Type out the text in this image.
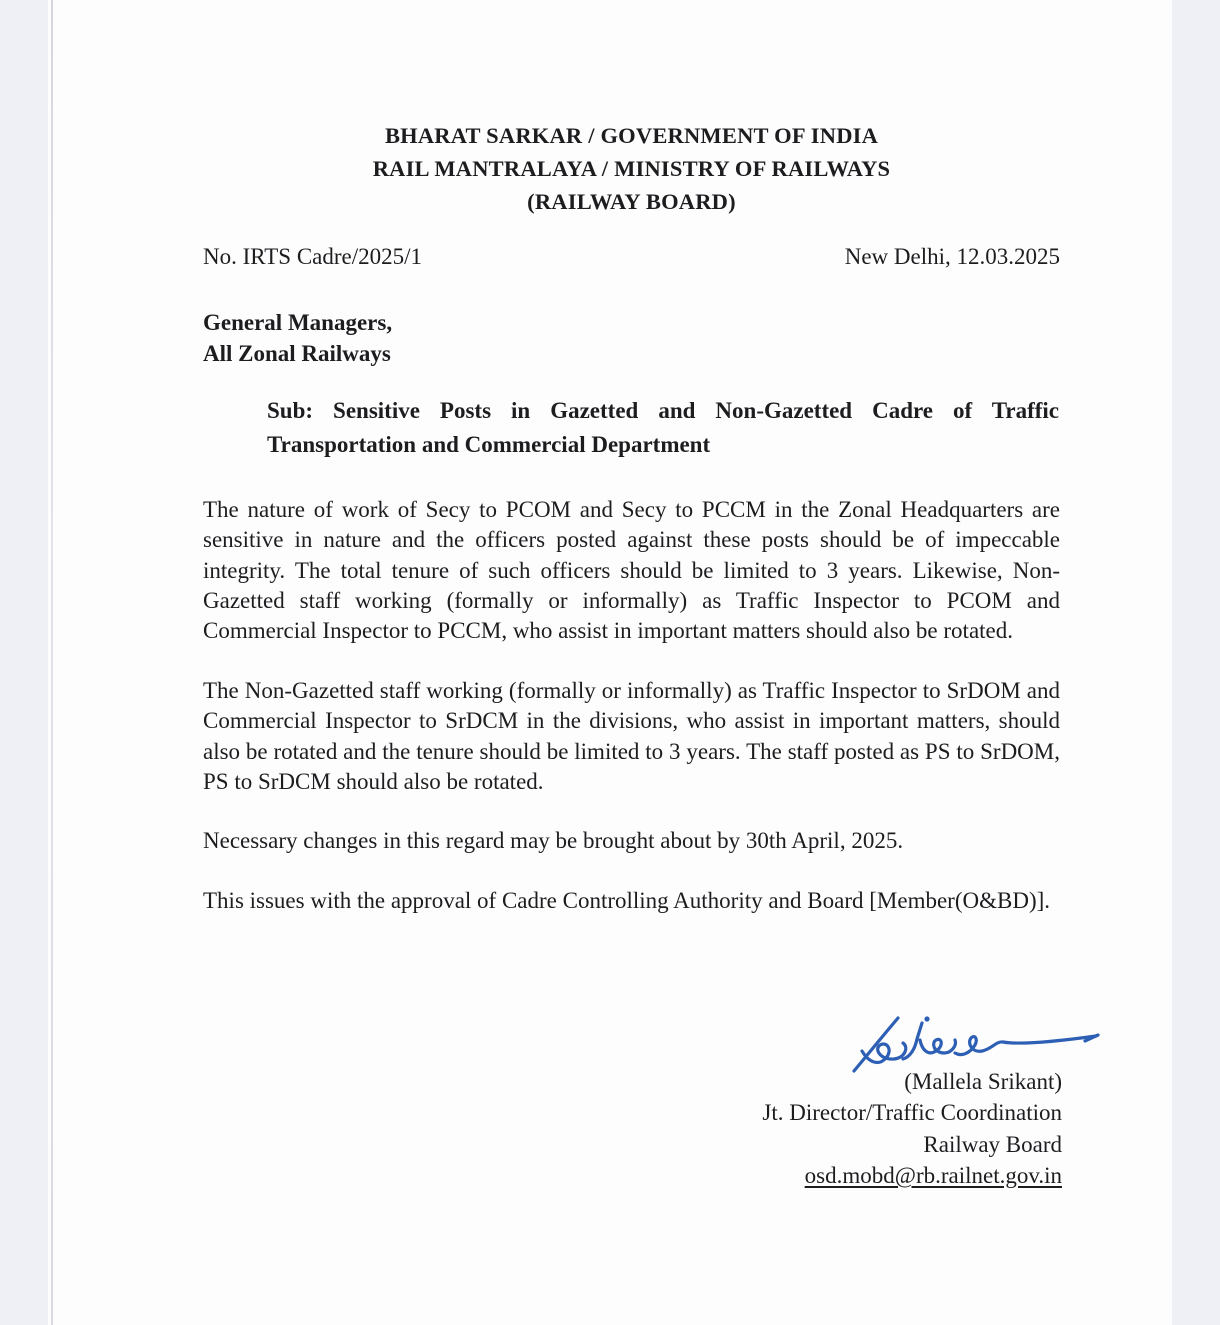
BHARAT SARKAR / GOVERNMENT OF INDIA
RAIL MANTRALAYA / MINISTRY OF RAILWAYS
(RAILWAY BOARD)
No. IRTS Cadre/2025/1	New Delhi, 12.03.2025
General Managers,
All Zonal Railways
Sub: Sensitive Posts in Gazetted and Non-Gazetted Cadre of Traffic
Transportation and Commercial Department
The nature of work of Secy to PCOM and Secy to PCCM in the Zonal Headquarters are sensitive in nature and the officers posted against these posts should be of impeccable integrity. The total tenure of such officers should be limited to 3 years. Likewise, Non-Gazetted staff working (formally or informally) as Traffic Inspector to PCOM and Commercial Inspector to PCCM, who assist in important matters should also be rotated.
The Non-Gazetted staff working (formally or informally) as Traffic Inspector to SrDOM and Commercial Inspector to SrDCM in the divisions, who assist in important matters, should also be rotated and the tenure should be limited to 3 years. The staff posted as PS to SrDOM, PS to SrDCM should also be rotated.
Necessary changes in this regard may be brought about by 30th April, 2025.
This issues with the approval of Cadre Controlling Authority and Board [Member(O&BD)].
(Mallela Srikant)
Jt. Director/Traffic Coordination
Railway Board
osd.mobd@rb.railnet.gov.in
